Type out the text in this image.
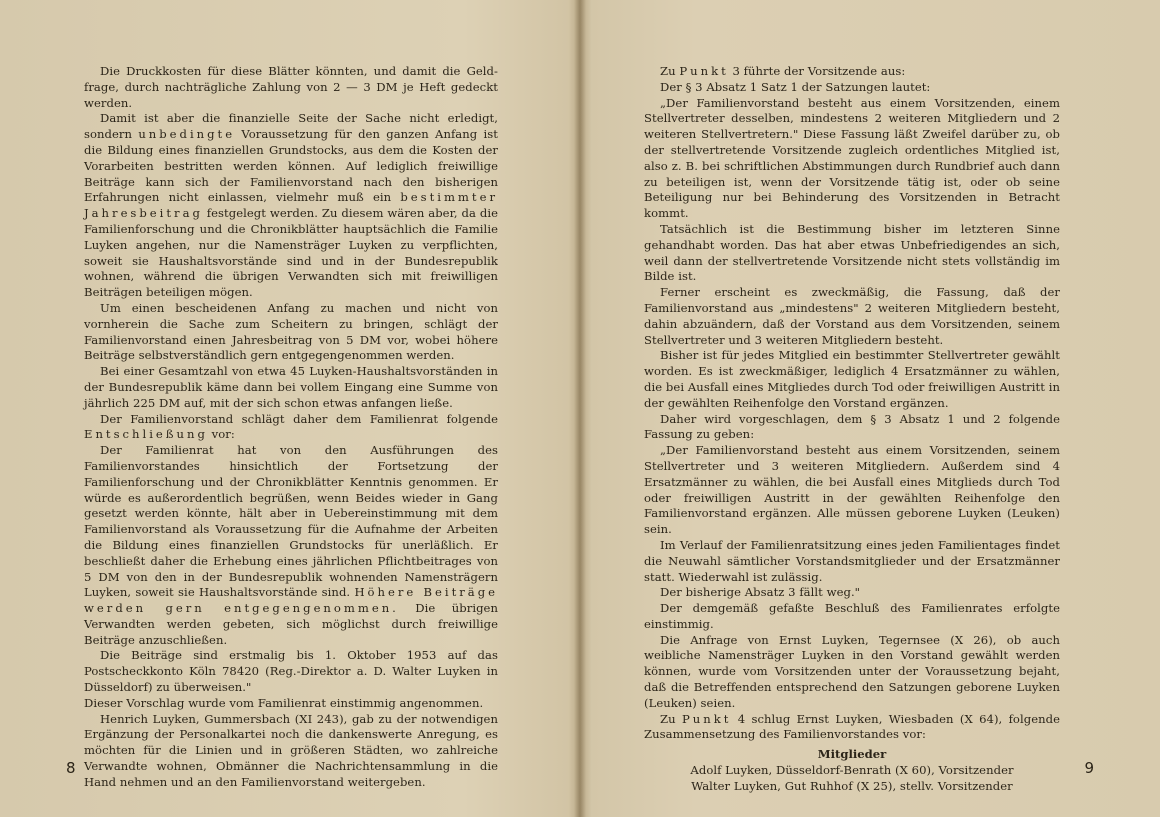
Die Druckkosten für diese Blätter könnten, und damit die Geld-frage, durch nachträgliche Zahlung von 2 — 3 DM je Heft gedeckt werden.

Damit ist aber die finanzielle Seite der Sache nicht erledigt, sondern unbedingte Voraussetzung für den ganzen Anfang ist die Bildung eines finanziellen Grundstocks, aus dem die Kosten der Vorarbeiten bestritten werden können. Auf lediglich freiwillige Beiträge kann sich der Familienvorstand nach den bisherigen Erfahrungen nicht einlassen, vielmehr muß ein bestimmter Jahresbeitrag festgelegt werden. Zu diesem wären aber, da die Familienforschung und die Chronikblätter hauptsächlich die Familie Luyken angehen, nur die Namensträger Luyken zu verpflichten, soweit sie Haushaltsvorstände sind und in der Bundesrepublik wohnen, während die übrigen Verwandten sich mit freiwilligen Beiträgen beteiligen mögen.

Um einen bescheidenen Anfang zu machen und nicht von vornherein die Sache zum Scheitern zu bringen, schlägt der Familienvorstand einen Jahresbeitrag von 5 DM vor, wobei höhere Beiträge selbstverständlich gern entgegengenommen werden.

Bei einer Gesamtzahl von etwa 45 Luyken-Haushaltsvorständen in der Bundesrepublik käme dann bei vollem Eingang eine Summe von jährlich 225 DM auf, mit der sich schon etwas anfangen ließe.

Der Familienvorstand schlägt daher dem Familienrat folgende Entschließung vor:

Der Familienrat hat von den Ausführungen des Familienvorstandes hinsichtlich der Fortsetzung der Familienforschung und der Chronikblätter Kenntnis genommen. Er würde es außerordentlich begrüßen, wenn Beides wieder in Gang gesetzt werden könnte, hält aber in Uebereinstimmung mit dem Familienvorstand als Voraussetzung für die Aufnahme der Arbeiten die Bildung eines finanziellen Grundstocks für unerläßlich. Er beschließt daher die Erhebung eines jährlichen Pflichtbeitrages von 5 DM von den in der Bundesrepublik wohnenden Namensträgern Luyken, soweit sie Haushaltsvorstände sind. Höhere Beiträge werden gern entgegengenommen. Die übrigen Verwandten werden gebeten, sich möglichst durch freiwillige Beiträge anzuschließen.

Die Beiträge sind erstmalig bis 1. Oktober 1953 auf das Postscheckkonto Köln 78420 (Reg.-Direktor a. D. Walter Luyken in Düsseldorf) zu überweisen."

Dieser Vorschlag wurde vom Familienrat einstimmig angenommen.

Henrich Luyken, Gummersbach (XI 243), gab zu der notwendigen Ergänzung der Personalkartei noch die dankenswerte Anregung, es möchten für die Linien und in größeren Städten, wo zahlreiche Verwandte wohnen, Obmänner die Nachrichtensammlung in die Hand nehmen und an den Familienvorstand weitergeben.

8

Zu Punkt 3 führte der Vorsitzende aus:

Der § 3 Absatz 1 Satz 1 der Satzungen lautet:

„Der Familienvorstand besteht aus einem Vorsitzenden, einem Stellvertreter desselben, mindestens 2 weiteren Mitgliedern und 2 weiteren Stellvertretern." Diese Fassung läßt Zweifel darüber zu, ob der stellvertretende Vorsitzende zugleich ordentliches Mitglied ist, also z. B. bei schriftlichen Abstimmungen durch Rundbrief auch dann zu beteiligen ist, wenn der Vorsitzende tätig ist, oder ob seine Beteiligung nur bei Behinderung des Vorsitzenden in Betracht kommt.

Tatsächlich ist die Bestimmung bisher im letzteren Sinne gehandhabt worden. Das hat aber etwas Unbefriedigendes an sich, weil dann der stellvertretende Vorsitzende nicht stets vollständig im Bilde ist.

Ferner erscheint es zweckmäßig, die Fassung, daß der Familienvorstand aus „mindestens" 2 weiteren Mitgliedern besteht, dahin abzuändern, daß der Vorstand aus dem Vorsitzenden, seinem Stellvertreter und 3 weiteren Mitgliedern besteht.

Bisher ist für jedes Mitglied ein bestimmter Stellvertreter gewählt worden. Es ist zweckmäßiger, lediglich 4 Ersatzmänner zu wählen, die bei Ausfall eines Mitgliedes durch Tod oder freiwilligen Austritt in der gewählten Reihenfolge den Vorstand ergänzen.

Daher wird vorgeschlagen, dem § 3 Absatz 1 und 2 folgende Fassung zu geben:

„Der Familienvorstand besteht aus einem Vorsitzenden, seinem Stellvertreter und 3 weiteren Mitgliedern. Außerdem sind 4 Ersatzmänner zu wählen, die bei Ausfall eines Mitglieds durch Tod oder freiwilligen Austritt in der gewählten Reihenfolge den Familienvorstand ergänzen. Alle müssen geborene Luyken (Leuken) sein.

Im Verlauf der Familienratsitzung eines jeden Familientages findet die Neuwahl sämtlicher Vorstandsmitglieder und der Ersatzmänner statt. Wiederwahl ist zulässig.

Der bisherige Absatz 3 fällt weg."

Der demgemäß gefaßte Beschluß des Familienrates erfolgte einstimmig.

Die Anfrage von Ernst Luyken, Tegernsee (X 26), ob auch weibliche Namensträger Luyken in den Vorstand gewählt werden können, wurde vom Vorsitzenden unter der Voraussetzung bejaht, daß die Betreffenden entsprechend den Satzungen geborene Luyken (Leuken) seien.

Zu Punkt 4 schlug Ernst Luyken, Wiesbaden (X 64), folgende Zusammensetzung des Familienvorstandes vor:

Mitglieder

Adolf Luyken, Düsseldorf-Benrath (X 60), Vorsitzender

Walter Luyken, Gut Ruhhof (X 25), stellv. Vorsitzender

9
